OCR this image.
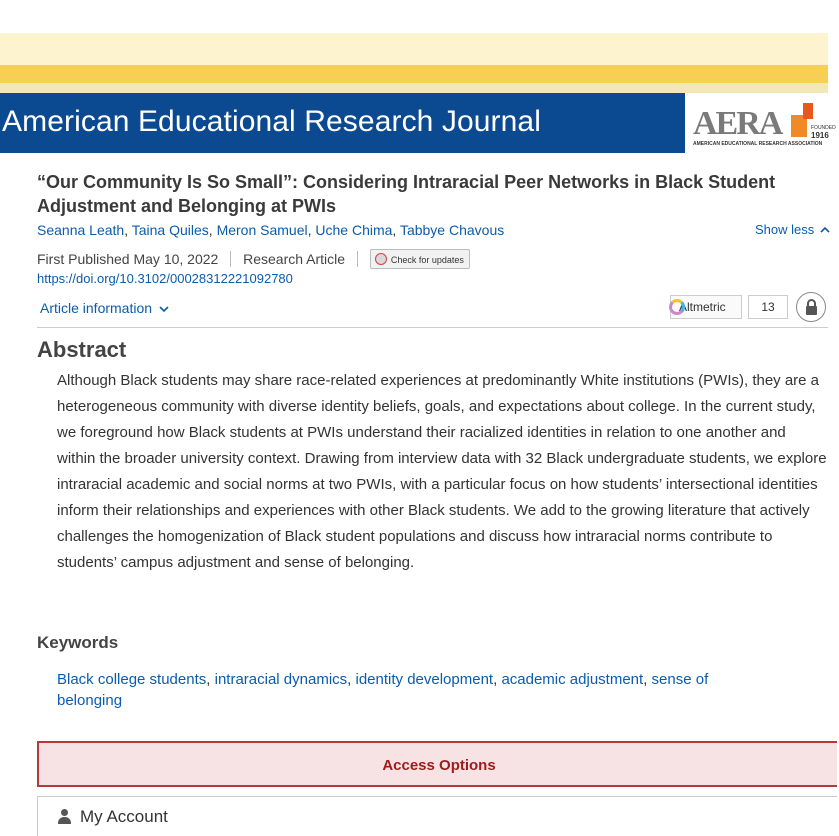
American Educational Research Journal	AERA	FOUNDED
1916
AMERICAN EDUCATIONAL RESEARCH ASSOCIATION
“Our Community Is So Small”: Considering Intraracial Peer Networks in Black Student Adjustment and Belonging at PWIs
Seanna Leath, Taina Quiles, Meron Samuel, Uche Chima, Tabbye Chavous	Show less
First Published May 10, 2022 Research Article	Check for updates
https://doi.org/10.3102/00028312221092780
Article information	Altmetric	13
Abstract

Although Black students may share race-related experiences at predominantly White institutions (PWIs), they are a heterogeneous community with diverse identity beliefs, goals, and expectations about college. In the current study, we foreground how Black students at PWIs understand their racialized identities in relation to one another and within the broader university context. Drawing from interview data with 32 Black undergraduate students, we explore intraracial academic and social norms at two PWIs, with a particular focus on how students’ intersectional identities inform their relationships and experiences with other Black students. We add to the growing literature that actively challenges the homogenization of Black student populations and discuss how intraracial norms contribute to students’ campus adjustment and sense of belonging.

Keywords
Black college students, intraracial dynamics, identity development, academic adjustment, sense of belonging
Access Options
My Account
